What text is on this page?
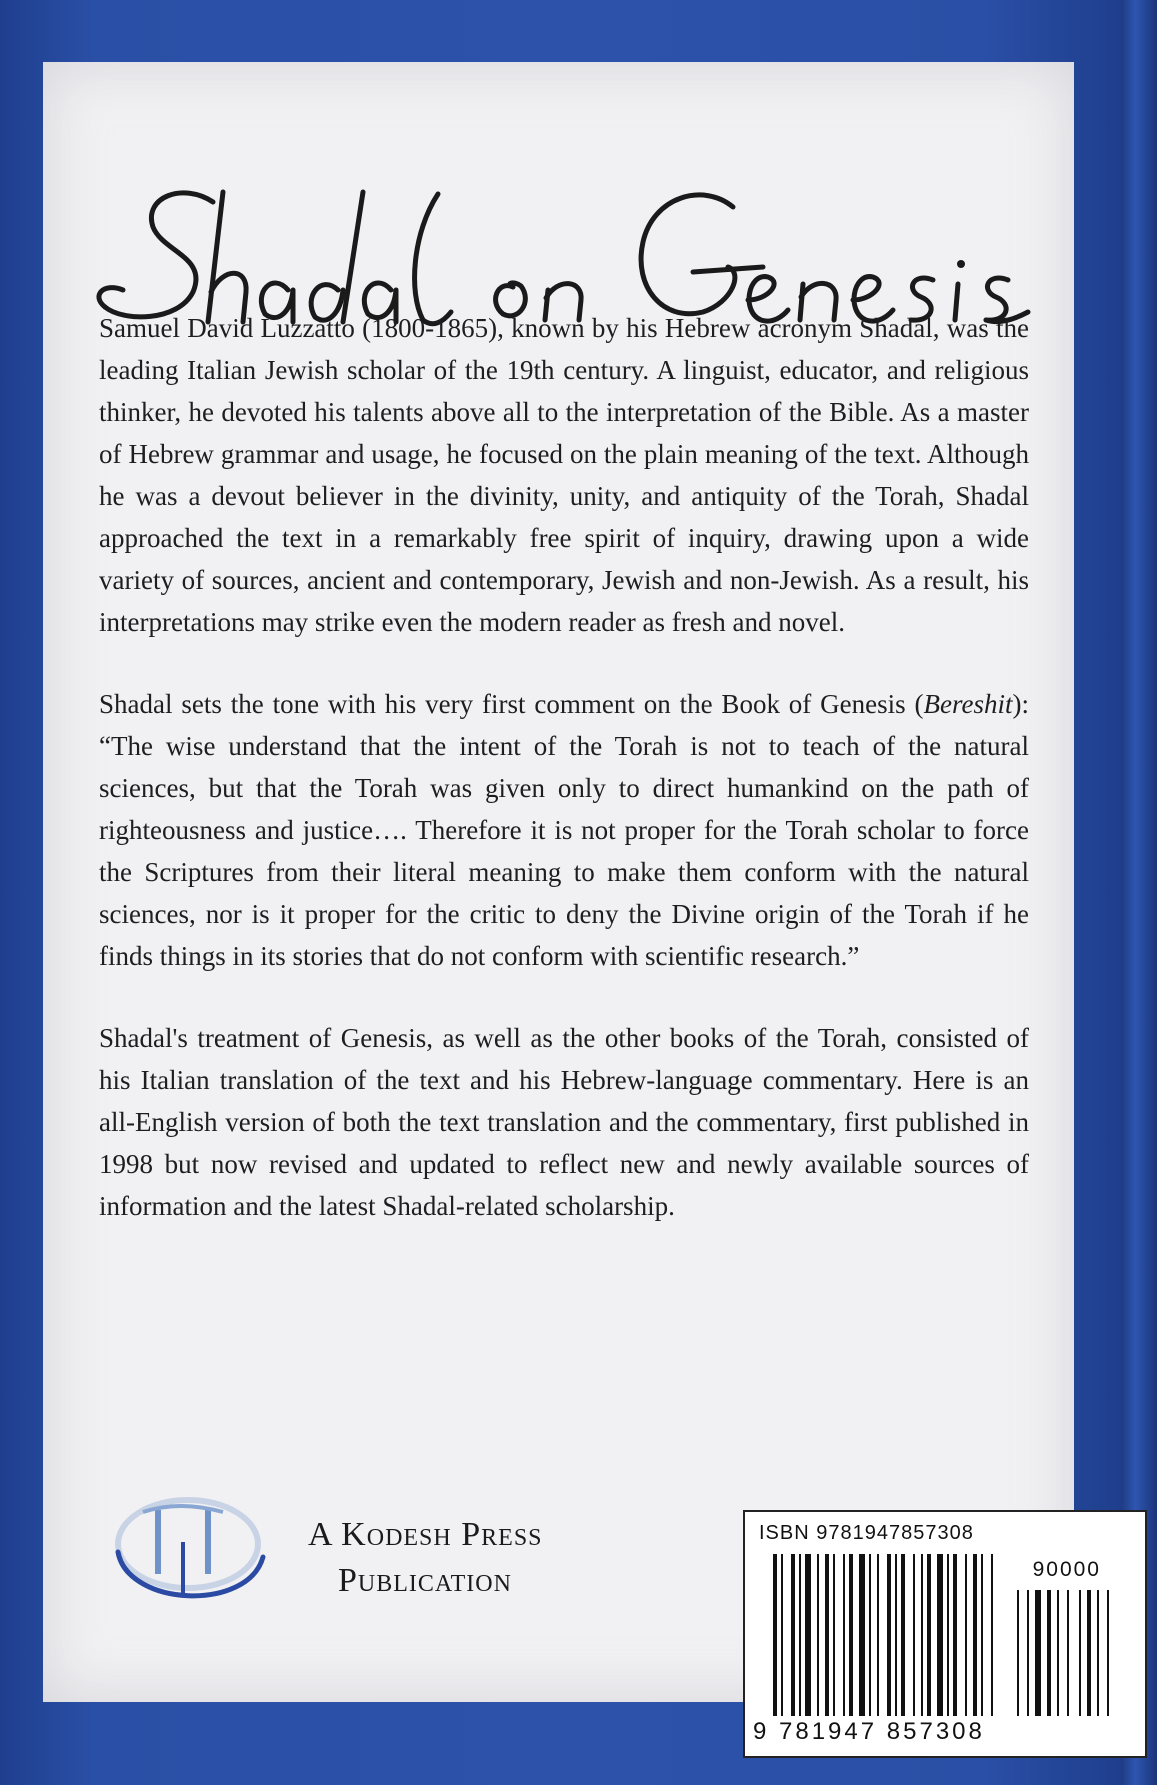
Samuel David Luzzatto (1800-1865), known by his Hebrew acronym Shadal, was the leading Italian Jewish scholar of the 19th century. A linguist, educator, and religious thinker, he devoted his talents above all to the interpretation of the Bible. As a master of Hebrew grammar and usage, he focused on the plain meaning of the text. Although he was a devout believer in the divinity, unity, and antiquity of the Torah, Shadal approached the text in a remarkably free spirit of inquiry, drawing upon a wide variety of sources, ancient and contemporary, Jewish and non-Jewish. As a result, his interpretations may strike even the modern reader as fresh and novel.

Shadal sets the tone with his very first comment on the Book of Genesis (Bereshit): “The wise understand that the intent of the Torah is not to teach of the natural sciences, but that the Torah was given only to direct humankind on the path of righteousness and justice…. Therefore it is not proper for the Torah scholar to force the Scriptures from their literal meaning to make them conform with the natural sciences, nor is it proper for the critic to deny the Divine origin of the Torah if he finds things in its stories that do not conform with scientific research.”

Shadal's treatment of Genesis, as well as the other books of the Torah, consisted of his Italian translation of the text and his Hebrew-language commentary. Here is an all-English version of both the text translation and the commentary, first published in 1998 but now revised and updated to reflect new and newly available sources of information and the latest Shadal-related scholarship.

A Kodesh Press
Publication
ISBN 9781947857308
90000
9 781947 857308
